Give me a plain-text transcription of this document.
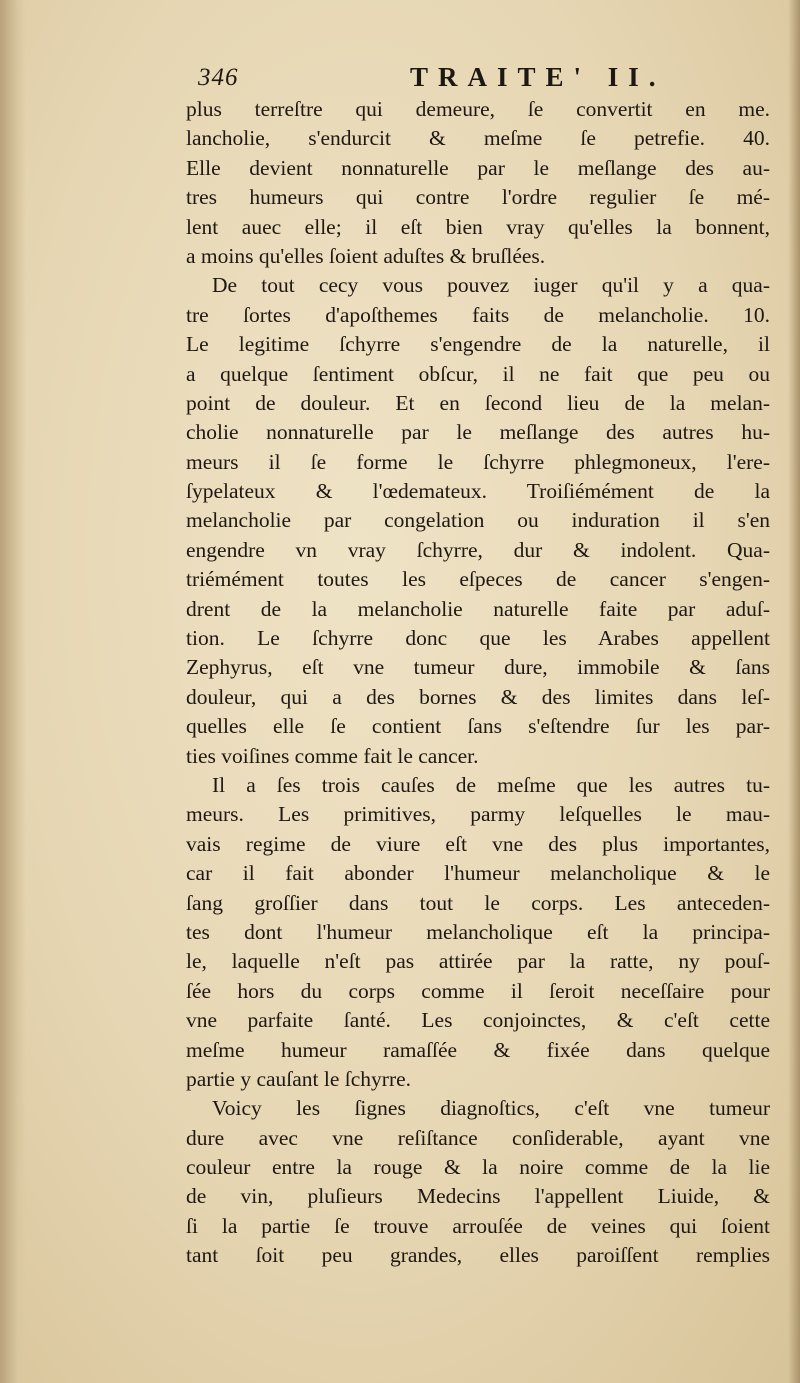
346	TRAITE' II.
plus terreſtre qui demeure, ſe convertit en me.
lancholie, s'endurcit & meſme ſe petrefie. 40.
Elle devient nonnaturelle par le meſlange des au-
tres humeurs qui contre l'ordre regulier ſe mé-
lent auec elle; il eſt bien vray qu'elles la bonnent,
a moins qu'elles ſoient aduſtes & bruſlées.
De tout cecy vous pouvez iuger qu'il y a qua-
tre ſortes d'apoſthemes faits de melancholie. 10.
Le legitime ſchyrre s'engendre de la naturelle, il
a quelque ſentiment obſcur, il ne fait que peu ou
point de douleur. Et en ſecond lieu de la melan-
cholie nonnaturelle par le meſlange des autres hu-
meurs il ſe forme le ſchyrre phlegmoneux, l'ere-
ſypelateux & l'œdemateux. Troiſiémément de la
melancholie par congelation ou induration il s'en
engendre vn vray ſchyrre, dur & indolent. Qua-
triémément toutes les eſpeces de cancer s'engen-
drent de la melancholie naturelle faite par aduſ-
tion. Le ſchyrre donc que les Arabes appellent
Zephyrus, eſt vne tumeur dure, immobile & ſans
douleur, qui a des bornes & des limites dans leſ-
quelles elle ſe contient ſans s'eſtendre ſur les par-
ties voiſines comme fait le cancer.
Il a ſes trois cauſes de meſme que les autres tu-
meurs. Les primitives, parmy leſquelles le mau-
vais regime de viure eſt vne des plus importantes,
car il fait abonder l'humeur melancholique & le
ſang groſſier dans tout le corps. Les anteceden-
tes dont l'humeur melancholique eſt la principa-
le, laquelle n'eſt pas attirée par la ratte, ny pouſ-
ſée hors du corps comme il ſeroit neceſſaire pour
vne parfaite ſanté. Les conjoinctes, & c'eſt cette
meſme humeur ramaſſée & fixée dans quelque
partie y cauſant le ſchyrre.
Voicy les ſignes diagnoſtics, c'eſt vne tumeur
dure avec vne reſiſtance conſiderable, ayant vne
couleur entre la rouge & la noire comme de la lie
de vin, pluſieurs Medecins l'appellent Liuide, &
ſi la partie ſe trouve arrouſée de veines qui ſoient
tant ſoit peu grandes, elles paroiſſent remplies
